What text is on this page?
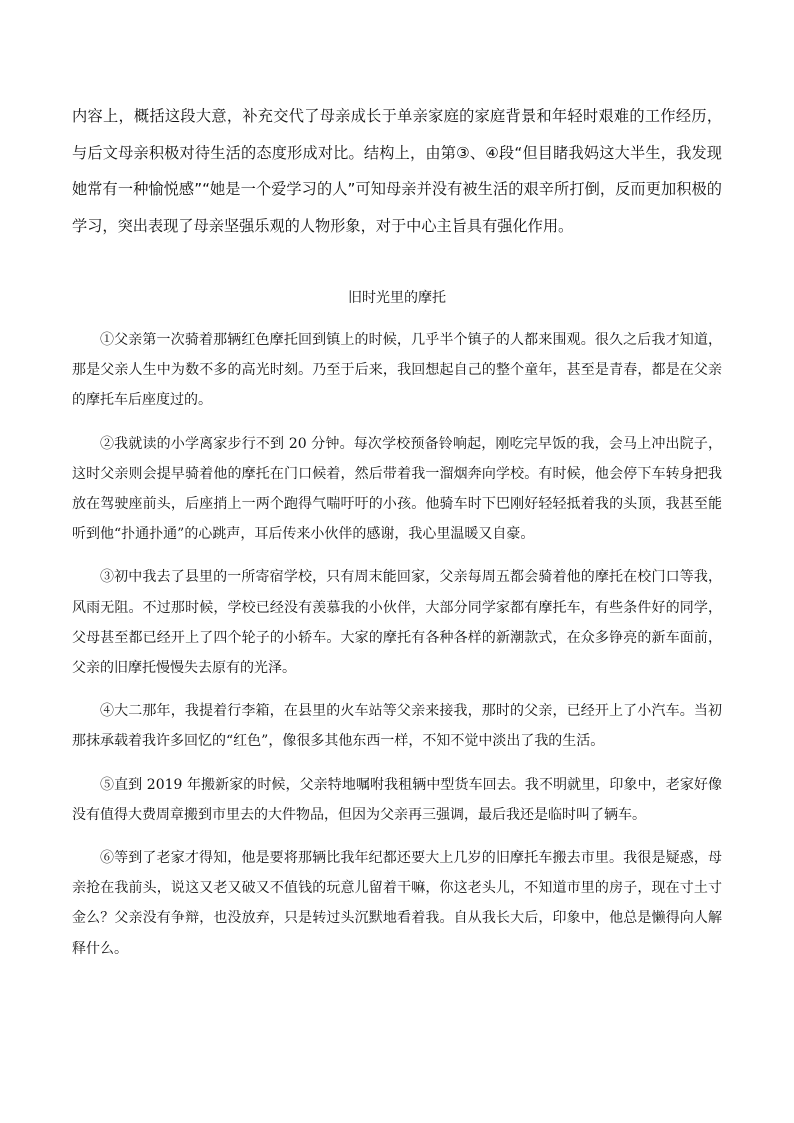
内容上，概括这段大意，补充交代了母亲成长于单亲家庭的家庭背景和年轻时艰难的工作经历，与后文母亲积极对待生活的态度形成对比。结构上，由第③、④段“但目睹我妈这大半生，我发现她常有一种愉悦感”“她是一个爱学习的人”可知母亲并没有被生活的艰辛所打倒，反而更加积极的学习，突出表现了母亲坚强乐观的人物形象，对于中心主旨具有强化作用。

旧时光里的摩托

①父亲第一次骑着那辆红色摩托回到镇上的时候，几乎半个镇子的人都来围观。很久之后我才知道，那是父亲人生中为数不多的高光时刻。乃至于后来，我回想起自己的整个童年，甚至是青春，都是在父亲的摩托车后座度过的。

②我就读的小学离家步行不到 20 分钟。每次学校预备铃响起，刚吃完早饭的我，会马上冲出院子，这时父亲则会提早骑着他的摩托在门口候着，然后带着我一溜烟奔向学校。有时候，他会停下车转身把我放在驾驶座前头，后座捎上一两个跑得气喘吁吁的小孩。他骑车时下巴刚好轻轻抵着我的头顶，我甚至能听到他“扑通扑通”的心跳声，耳后传来小伙伴的感谢，我心里温暖又自豪。

③初中我去了县里的一所寄宿学校，只有周末能回家，父亲每周五都会骑着他的摩托在校门口等我，风雨无阻。不过那时候，学校已经没有羡慕我的小伙伴，大部分同学家都有摩托车，有些条件好的同学，父母甚至都已经开上了四个轮子的小轿车。大家的摩托有各种各样的新潮款式，在众多铮亮的新车面前，父亲的旧摩托慢慢失去原有的光泽。

④大二那年，我提着行李箱，在县里的火车站等父亲来接我，那时的父亲，已经开上了小汽车。当初那抹承载着我许多回忆的“红色”，像很多其他东西一样，不知不觉中淡出了我的生活。

⑤直到 2019 年搬新家的时候，父亲特地嘱咐我租辆中型货车回去。我不明就里，印象中，老家好像没有值得大费周章搬到市里去的大件物品，但因为父亲再三强调，最后我还是临时叫了辆车。

⑥等到了老家才得知，他是要将那辆比我年纪都还要大上几岁的旧摩托车搬去市里。我很是疑惑，母亲抢在我前头，说这又老又破又不值钱的玩意儿留着干嘛，你这老头儿，不知道市里的房子，现在寸土寸金么？父亲没有争辩，也没放弃，只是转过头沉默地看着我。自从我长大后，印象中，他总是懒得向人解释什么。
